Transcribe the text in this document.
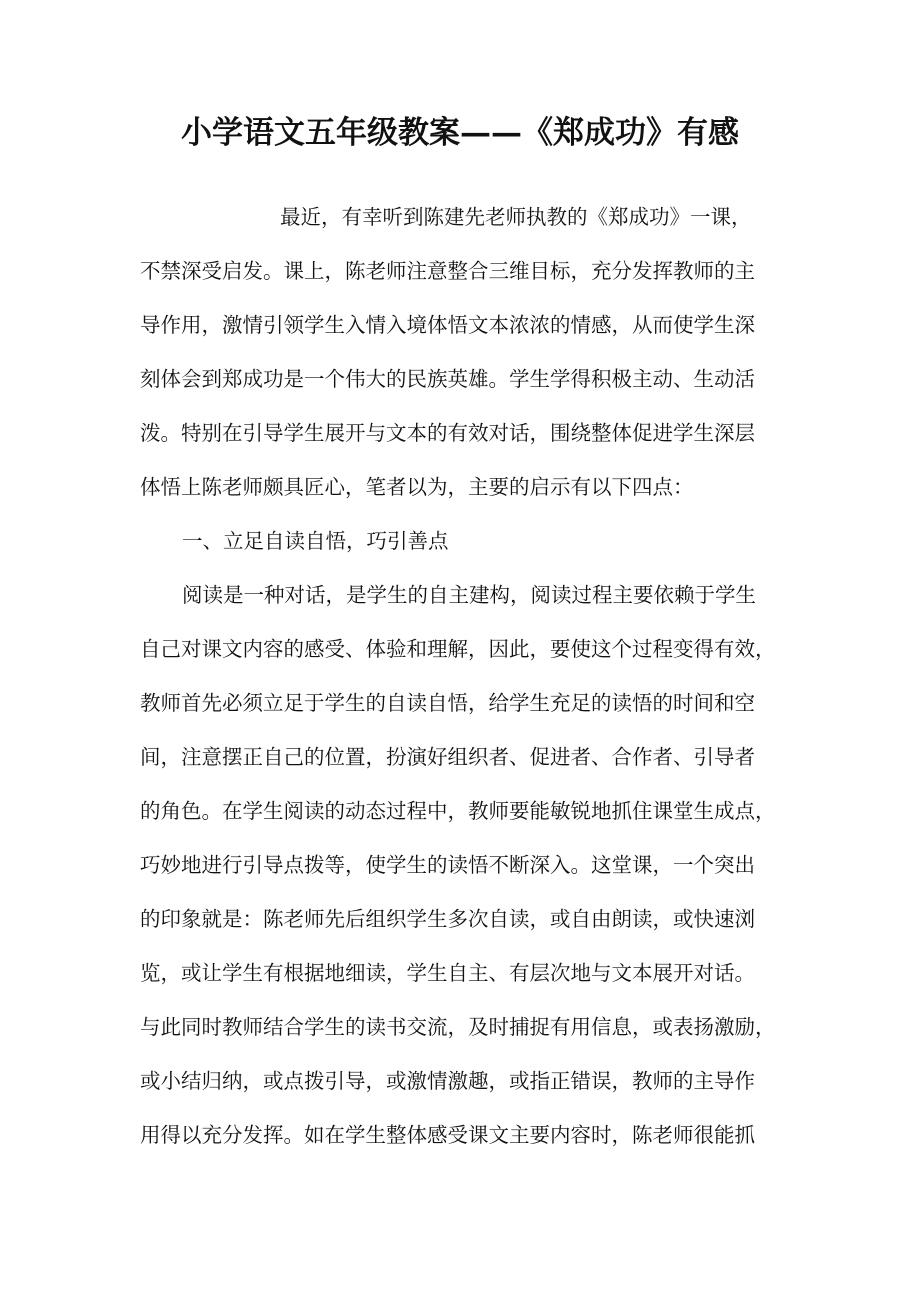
小学语文五年级教案——《郑成功》有感
最近，有幸听到陈建先老师执教的《郑成功》一课，
不禁深受启发。课上，陈老师注意整合三维目标，充分发挥教师的主
导作用，激情引领学生入情入境体悟文本浓浓的情感，从而使学生深
刻体会到郑成功是一个伟大的民族英雄。学生学得积极主动、生动活
泼。特别在引导学生展开与文本的有效对话，围绕整体促进学生深层
体悟上陈老师颇具匠心，笔者以为，主要的启示有以下四点：
一、立足自读自悟，巧引善点
阅读是一种对话，是学生的自主建构，阅读过程主要依赖于学生
自己对课文内容的感受、体验和理解，因此，要使这个过程变得有效，
教师首先必须立足于学生的自读自悟，给学生充足的读悟的时间和空
间，注意摆正自己的位置，扮演好组织者、促进者、合作者、引导者
的角色。在学生阅读的动态过程中，教师要能敏锐地抓住课堂生成点，
巧妙地进行引导点拨等，使学生的读悟不断深入。这堂课，一个突出
的印象就是：陈老师先后组织学生多次自读，或自由朗读，或快速浏
览，或让学生有根据地细读，学生自主、有层次地与文本展开对话。
与此同时教师结合学生的读书交流，及时捕捉有用信息，或表扬激励，
或小结归纳，或点拨引导，或激情激趣，或指正错误，教师的主导作
用得以充分发挥。如在学生整体感受课文主要内容时，陈老师很能抓
